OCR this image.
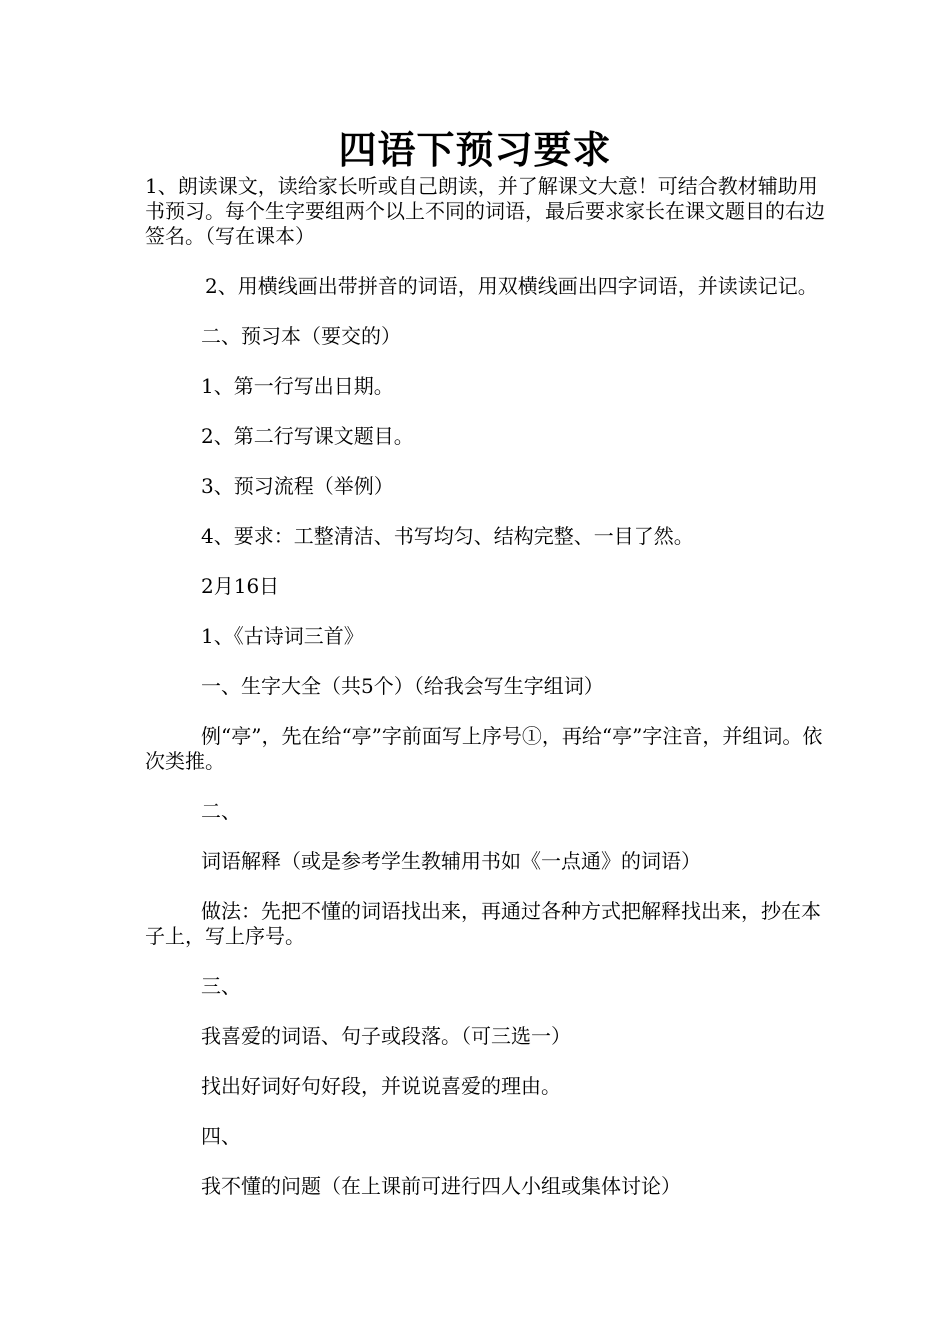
四语下预习要求

1、朗读课文，读给家长听或自己朗读，并了解课文大意！可结合教材辅助用书预习。每个生字要组两个以上不同的词语，最后要求家长在课文题目的右边签名。（写在课本）

2、用横线画出带拼音的词语，用双横线画出四字词语，并读读记记。

二、预习本（要交的）

1、第一行写出日期。

2、第二行写课文题目。

3、预习流程（举例）

4、要求：工整清洁、书写均匀、结构完整、一目了然。

2月16日

1、《古诗词三首》

一、生字大全（共5个）（给我会写生字组词）

例“亭”，先在给“亭”字前面写上序号①，再给“亭”字注音，并组词。依次类推。

二、

词语解释（或是参考学生教辅用书如《一点通》的词语）

做法：先把不懂的词语找出来，再通过各种方式把解释找出来，抄在本子上，写上序号。

三、

我喜爱的词语、句子或段落。（可三选一）

找出好词好句好段，并说说喜爱的理由。

四、

我不懂的问题（在上课前可进行四人小组或集体讨论）
